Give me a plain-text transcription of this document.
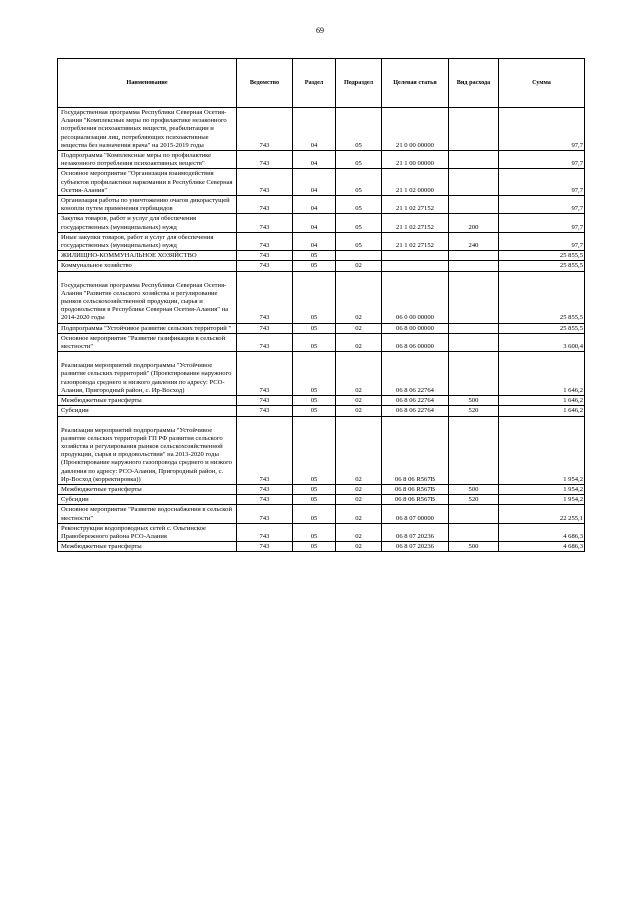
69
Наименование	Ведомство	Раздел	Подраздел	Целевая статья	Вид расхода	Сумма
Государственная программа Республики Северная Осетия-Алания "Комплексные меры по профилактике незаконного потребления психоактивных веществ, реабилитации и ресоциализации лиц, потребляющих психоактивные вещества без назначения врача" на 2015-2019 годы	743	04	05	21 0 00 00000		97,7
Подпрограмма "Комплексные меры по профилактике незаконного потребления психоактивных веществ"	743	04	05	21 1 00 00000		97,7
Основное мероприятие "Организация взаимодействия субъектов профилактики наркомании в Республике Северная Осетия-Алания"	743	04	05	21 1 02 00000		97,7
Организация работы по уничтожению очагов дикорастущей конопли путем применения гербицидов	743	04	05	21 1 02 27152		97,7
Закупка товаров, работ и услуг для обеспечения государственных (муниципальных) нужд	743	04	05	21 1 02 27152	200	97,7
Иные закупки товаров, работ и услуг для обеспечения государственных (муниципальных) нужд	743	04	05	21 1 02 27152	240	97,7
ЖИЛИЩНО-КОММУНАЛЬНОЕ ХОЗЯЙСТВО	743	05				25 855,5
Коммунальное хозяйство	743	05	02			25 855,5
Государственная программа Республики Северная Осетия-Алания "Развитие сельского хозяйства и регулирование рынков сельскохозяйственной продукции, сырья и продовольствия в Республике Северная Осетия-Алания" на 2014-2020 годы	743	05	02	06 0 00 00000		25 855,5
Подпрограмма "Устойчивое развитие сельских территорий "	743	05	02	06 8 00 00000		25 855,5
Основное мероприятие "Развитие газификации в сельской местности"	743	05	02	06 8 06 00000		3 600,4
Реализация мероприятий подпрограммы "Устойчивое развитие сельских территорий" (Проектирование наружного газопровода среднего и низкого давления по адресу: РСО-Алания, Пригородный район, с. Ир-Восход)	743	05	02	06 8 06 22764		1 646,2
Межбюджетные трансферты	743	05	02	06 8 06 22764	500	1 646,2
Субсидии	743	05	02	06 8 06 22764	520	1 646,2
Реализация мероприятий подпрограммы "Устойчивое развитие сельских территорий ГП РФ развития сельского хозяйства и регулирования рынков сельскохозяйственной продукции, сырья и продовольствия" на 2013-2020 годы (Проектирование наружного газопровода среднего и низкого давления по адресу: РСО-Алания, Пригородный район, с. Ир-Восход (корректировка))	743	05	02	06 8 06 R567В		1 954,2
Межбюджетные трансферты	743	05	02	06 8 06 R567В	500	1 954,2
Субсидии	743	05	02	06 8 06 R567В	520	1 954,2
Основное мероприятие "Развитие водоснабжения в сельской местности"	743	05	02	06 8 07 00000		22 255,1
Реконструкция водопроводных сетей с. Ольгинское Правобережного района РСО-Алания	743	05	02	06 8 07 20236		4 686,3
Межбюджетные трансферты	743	05	02	06 8 07 20236	500	4 686,3
